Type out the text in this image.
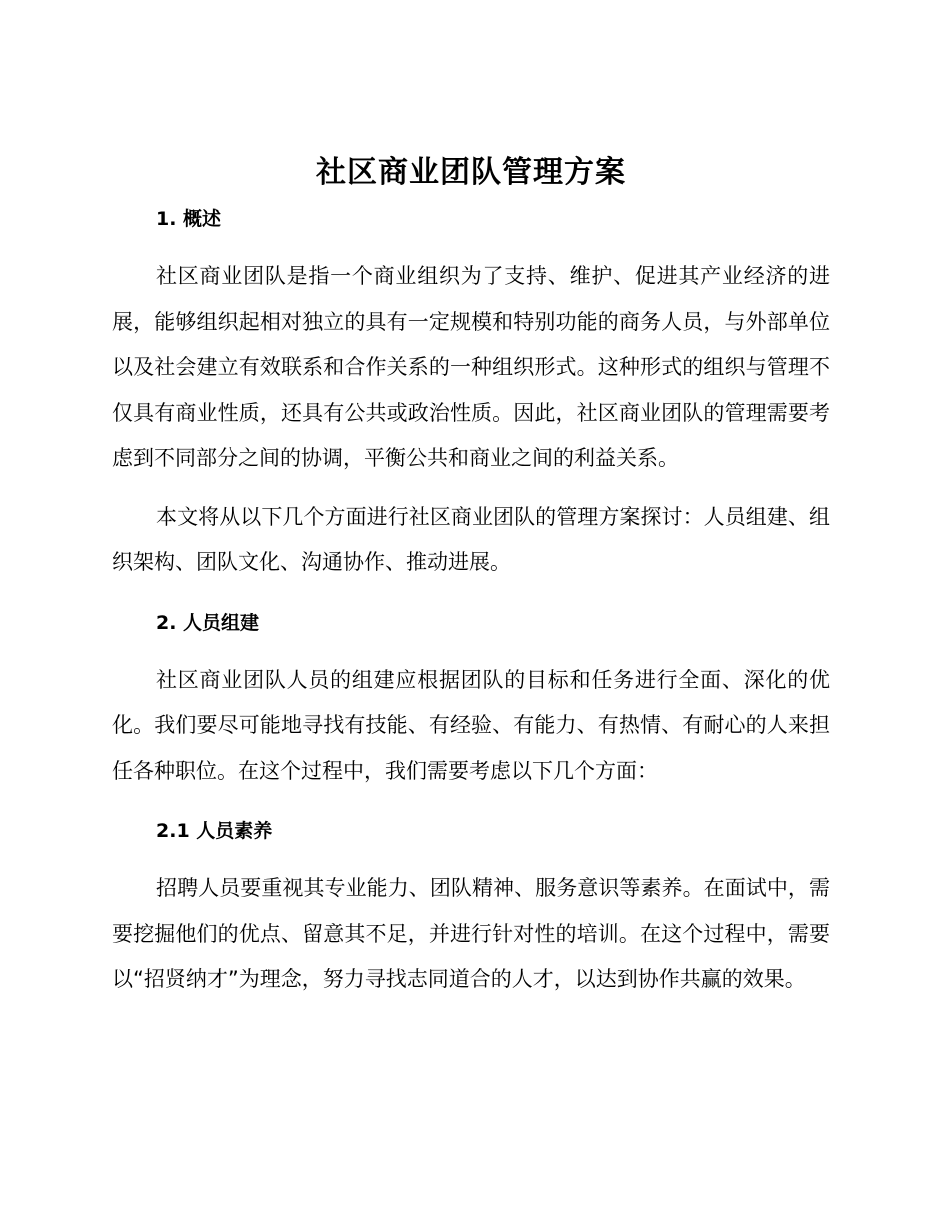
社区商业团队管理方案
1. 概述

社区商业团队是指一个商业组织为了支持、维护、促进其产业经济的进展，能够组织起相对独立的具有一定规模和特别功能的商务人员，与外部单位以及社会建立有效联系和合作关系的一种组织形式。这种形式的组织与管理不仅具有商业性质，还具有公共或政治性质。因此，社区商业团队的管理需要考虑到不同部分之间的协调，平衡公共和商业之间的利益关系。

本文将从以下几个方面进行社区商业团队的管理方案探讨：人员组建、组织架构、团队文化、沟通协作、推动进展。

2. 人员组建

社区商业团队人员的组建应根据团队的目标和任务进行全面、深化的优化。我们要尽可能地寻找有技能、有经验、有能力、有热情、有耐心的人来担任各种职位。在这个过程中，我们需要考虑以下几个方面：

2.1 人员素养

招聘人员要重视其专业能力、团队精神、服务意识等素养。在面试中，需要挖掘他们的优点、留意其不足，并进行针对性的培训。在这个过程中，需要以“招贤纳才”为理念，努力寻找志同道合的人才，以达到协作共赢的效果。
